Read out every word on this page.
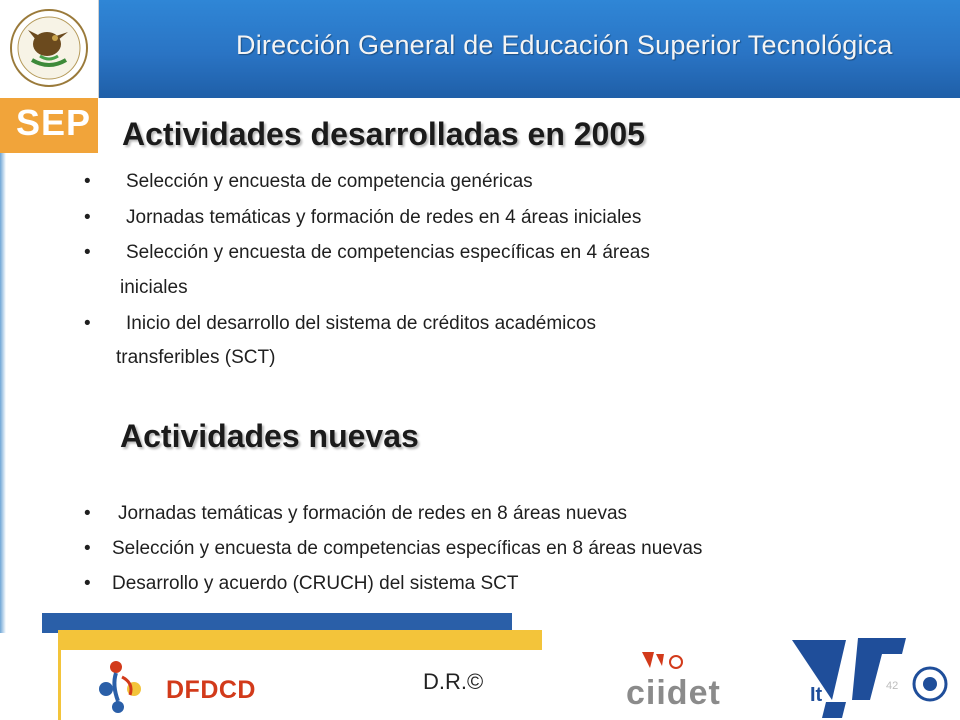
Dirección General de Educación Superior Tecnológica
SEP Actividades desarrolladas en 2005
• Selección y encuesta de competencia genéricas
• Jornadas temáticas y formación de redes en 4 áreas iniciales
• Selección y encuesta de competencias específicas en 4 áreas
iniciales
• Inicio del desarrollo del sistema de créditos académicos
transferibles (SCT)
Actividades nuevas
• Jornadas temáticas y formación de redes en 8 áreas nuevas
• Selección y encuesta de competencias específicas en 8 áreas nuevas
• Desarrollo y acuerdo (CRUCH) del sistema SCT
DFDCD	D.R.©	ciidet	It	42
